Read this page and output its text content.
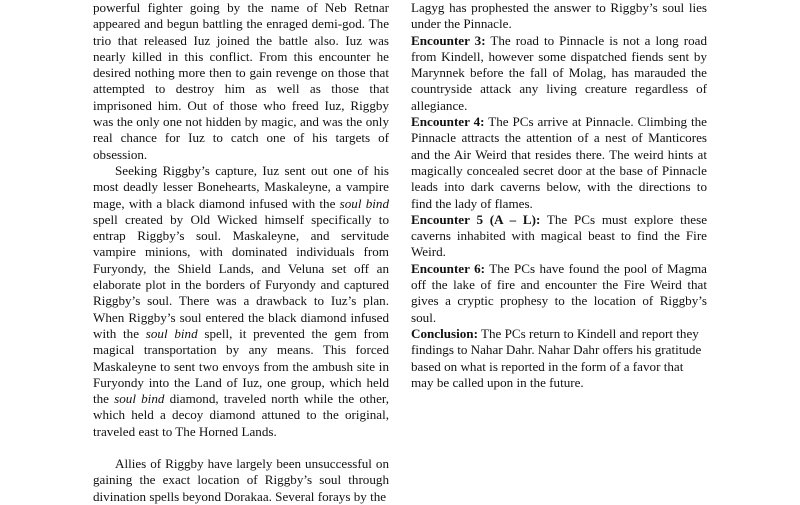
powerful fighter going by the name of Neb Retnar appeared and begun battling the enraged demi-god. The trio that released Iuz joined the battle also. Iuz was nearly killed in this conflict. From this encounter he desired nothing more then to gain revenge on those that attempted to destroy him as well as those that imprisoned him. Out of those who freed Iuz, Riggby was the only one not hidden by magic, and was the only real chance for Iuz to catch one of his targets of obsession.

Seeking Riggby’s capture, Iuz sent out one of his most deadly lesser Bonehearts, Maskaleyne, a vampire mage, with a black diamond infused with the soul bind spell created by Old Wicked himself specifically to entrap Riggby’s soul. Maskaleyne, and servitude vampire minions, with dominated individuals from Furyondy, the Shield Lands, and Veluna set off an elaborate plot in the borders of Furyondy and captured Riggby’s soul. There was a drawback to Iuz’s plan. When Riggby’s soul entered the black diamond infused with the soul bind spell, it prevented the gem from magical transportation by any means. This forced Maskaleyne to sent two envoys from the ambush site in Furyondy into the Land of Iuz, one group, which held the soul bind diamond, traveled north while the other, which held a decoy diamond attuned to the original, traveled east to The Horned Lands.

Allies of Riggby have largely been unsuccessful on gaining the exact location of Riggby’s soul through divination spells beyond Dorakaa. Several forays by the

Lagyg has prophested the answer to Riggby’s soul lies under the Pinnacle.

Encounter 3: The road to Pinnacle is not a long road from Kindell, however some dispatched fiends sent by Marynnek before the fall of Molag, has marauded the countryside attack any living creature regardless of allegiance.

Encounter 4: The PCs arrive at Pinnacle. Climbing the Pinnacle attracts the attention of a nest of Manticores and the Air Weird that resides there. The weird hints at magically concealed secret door at the base of Pinnacle leads into dark caverns below, with the directions to find the lady of flames.

Encounter 5 (A – L): The PCs must explore these caverns inhabited with magical beast to find the Fire Weird.

Encounter 6: The PCs have found the pool of Magma off the lake of fire and encounter the Fire Weird that gives a cryptic prophesy to the location of Riggby’s soul.

Conclusion: The PCs return to Kindell and report they findings to Nahar Dahr. Nahar Dahr offers his gratitude based on what is reported in the form of a favor that may be called upon in the future.
